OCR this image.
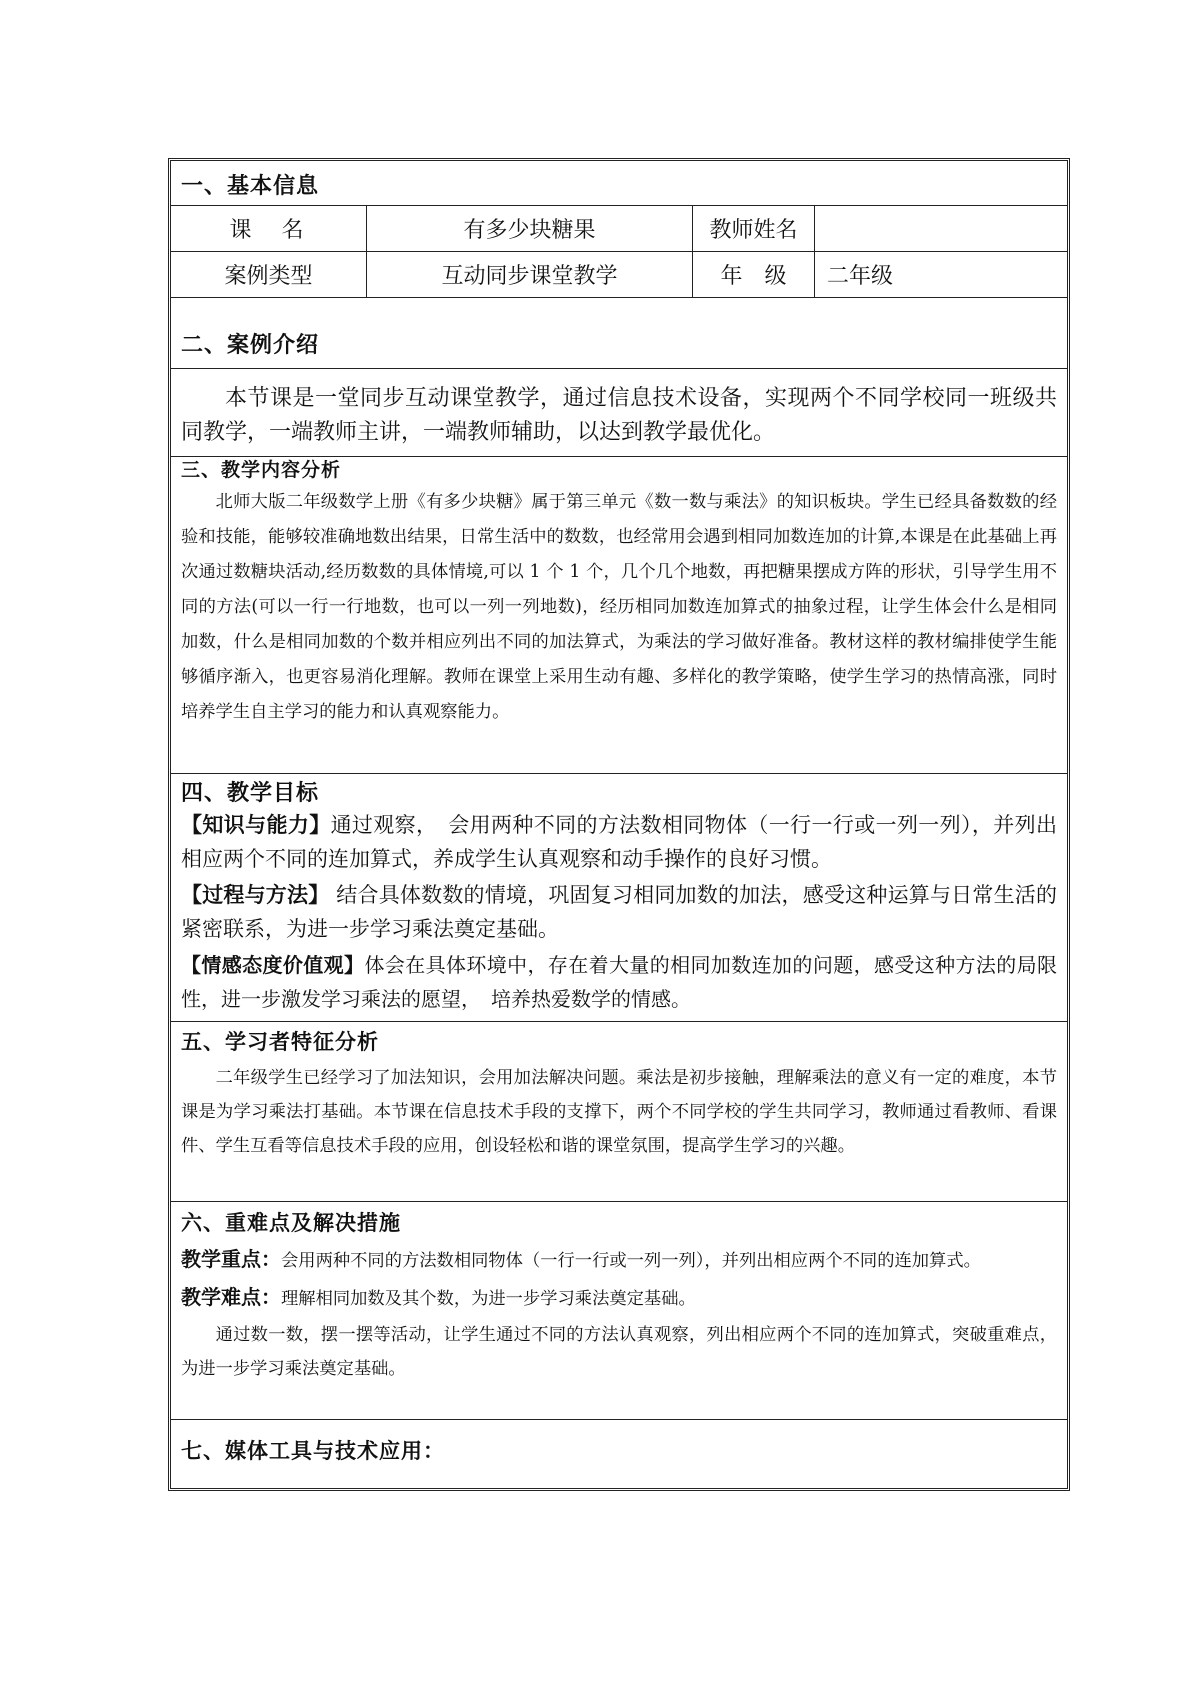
一、基本信息
课　名	有多少块糖果	教师姓名
案例类型	互动同步课堂教学	年　级	二年级
二、案例介绍

本节课是一堂同步互动课堂教学，通过信息技术设备，实现两个不同学校同一班级共同教学，一端教师主讲，一端教师辅助，以达到教学最优化。

三、教学内容分析

北师大版二年级数学上册《有多少块糖》属于第三单元《数一数与乘法》的知识板块。学生已经具备数数的经验和技能，能够较准确地数出结果，日常生活中的数数，也经常用会遇到相同加数连加的计算,本课是在此基础上再次通过数糖块活动,经历数数的具体情境,可以 1 个 1 个，几个几个地数，再把糖果摆成方阵的形状，引导学生用不同的方法(可以一行一行地数，也可以一列一列地数)，经历相同加数连加算式的抽象过程，让学生体会什么是相同加数，什么是相同加数的个数并相应列出不同的加法算式，为乘法的学习做好准备。教材这样的教材编排使学生能够循序渐入，也更容易消化理解。教师在课堂上采用生动有趣、多样化的教学策略，使学生学习的热情高涨，同时培养学生自主学习的能力和认真观察能力。

四、教学目标

【知识与能力】通过观察，　会用两种不同的方法数相同物体（一行一行或一列一列），并列出相应两个不同的连加算式，养成学生认真观察和动手操作的良好习惯。

【过程与方法】 结合具体数数的情境，巩固复习相同加数的加法，感受这种运算与日常生活的紧密联系，为进一步学习乘法奠定基础。

【情感态度价值观】体会在具体环境中，存在着大量的相同加数连加的问题，感受这种方法的局限性，进一步激发学习乘法的愿望，　培养热爱数学的情感。

五、学习者特征分析

二年级学生已经学习了加法知识，会用加法解决问题。乘法是初步接触，理解乘法的意义有一定的难度，本节课是为学习乘法打基础。本节课在信息技术手段的支撑下，两个不同学校的学生共同学习，教师通过看教师、看课件、学生互看等信息技术手段的应用，创设轻松和谐的课堂氛围，提高学生学习的兴趣。

六、重难点及解决措施

教学重点：会用两种不同的方法数相同物体（一行一行或一列一列），并列出相应两个不同的连加算式。

教学难点：理解相同加数及其个数，为进一步学习乘法奠定基础。

通过数一数，摆一摆等活动，让学生通过不同的方法认真观察，列出相应两个不同的连加算式，突破重难点，为进一步学习乘法奠定基础。

七、媒体工具与技术应用：
